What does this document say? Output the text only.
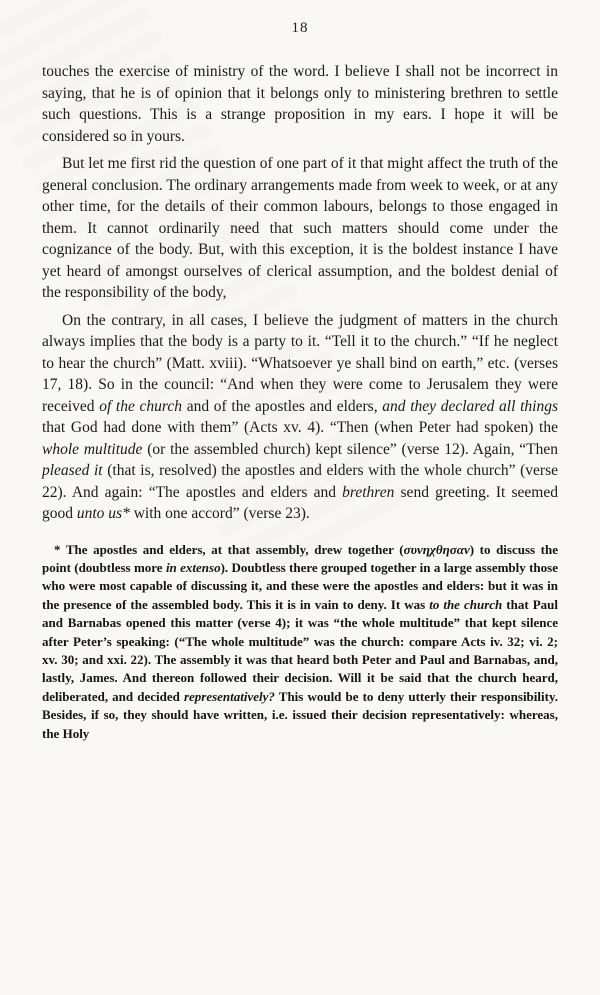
18

touches the exercise of ministry of the word. I believe I shall not be incorrect in saying, that he is of opinion that it belongs only to ministering brethren to settle such questions. This is a strange proposition in my ears. I hope it will be considered so in yours.

But let me first rid the question of one part of it that might affect the truth of the general conclusion. The ordinary arrangements made from week to week, or at any other time, for the details of their common labours, belongs to those engaged in them. It cannot ordinarily need that such matters should come under the cognizance of the body. But, with this exception, it is the boldest instance I have yet heard of amongst ourselves of clerical assumption, and the boldest denial of the responsibility of the body,

On the contrary, in all cases, I believe the judgment of matters in the church always implies that the body is a party to it. “Tell it to the church.” “If he neglect to hear the church” (Matt. xviii). “Whatsoever ye shall bind on earth,” etc. (verses 17, 18). So in the council: “And when they were come to Jerusalem they were received of the church and of the apostles and elders, and they declared all things that God had done with them” (Acts xv. 4). “Then (when Peter had spoken) the whole multitude (or the assembled church) kept silence” (verse 12). Again, “Then pleased it (that is, resolved) the apostles and elders with the whole church” (verse 22). And again: “The apostles and elders and brethren send greeting. It seemed good unto us* with one accord” (verse 23).

* The apostles and elders, at that assembly, drew together (συνηχθησαν) to discuss the point (doubtless more in extenso). Doubtless there grouped together in a large assembly those who were most capable of discussing it, and these were the apostles and elders: but it was in the presence of the assembled body. This it is in vain to deny. It was to the church that Paul and Barnabas opened this matter (verse 4); it was “the whole multitude” that kept silence after Peter’s speaking: (“The whole multitude” was the church: compare Acts iv. 32; vi. 2; xv. 30; and xxi. 22). The assembly it was that heard both Peter and Paul and Barnabas, and, lastly, James. And thereon followed their decision. Will it be said that the church heard, deliberated, and decided representatively? This would be to deny utterly their responsibility. Besides, if so, they should have written, i.e. issued their decision representatively: whereas, the Holy
